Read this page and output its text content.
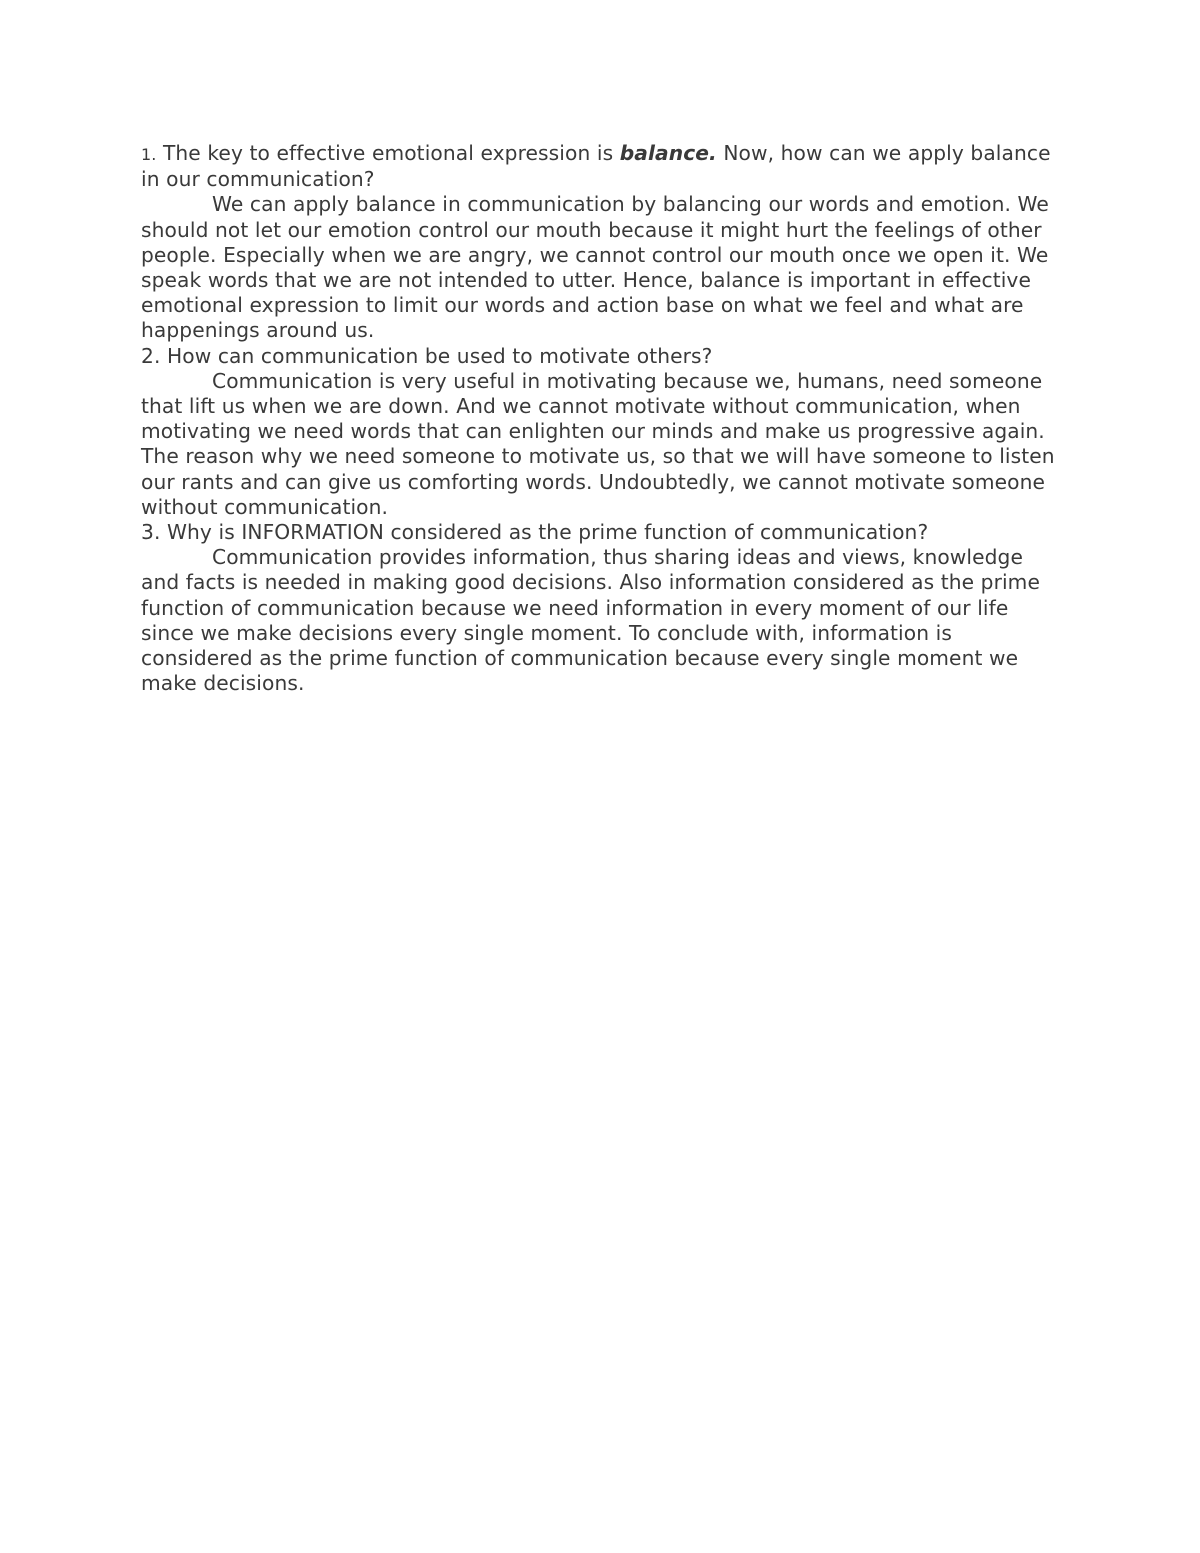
1. The key to effective emotional expression is balance. Now, how can we apply balance in our communication?

We can apply balance in communication by balancing our words and emotion. We should not let our emotion control our mouth because it might hurt the feelings of other people. Especially when we are angry, we cannot control our mouth once we open it. We speak words that we are not intended to utter. Hence, balance is important in effective emotional expression to limit our words and action base on what we feel and what are happenings around us.

2. How can communication be used to motivate others?

Communication is very useful in motivating because we, humans, need someone that lift us when we are down. And we cannot motivate without communication, when motivating we need words that can enlighten our minds and make us progressive again. The reason why we need someone to motivate us, so that we will have someone to listen our rants and can give us comforting words. Undoubtedly, we cannot motivate someone without communication.

3. Why is INFORMATION considered as the prime function of communication?

Communication provides information, thus sharing ideas and views, knowledge and facts is needed in making good decisions. Also information considered as the prime function of communication because we need information in every moment of our life since we make decisions every single moment. To conclude with, information is considered as the prime function of communication because every single moment we make decisions.
